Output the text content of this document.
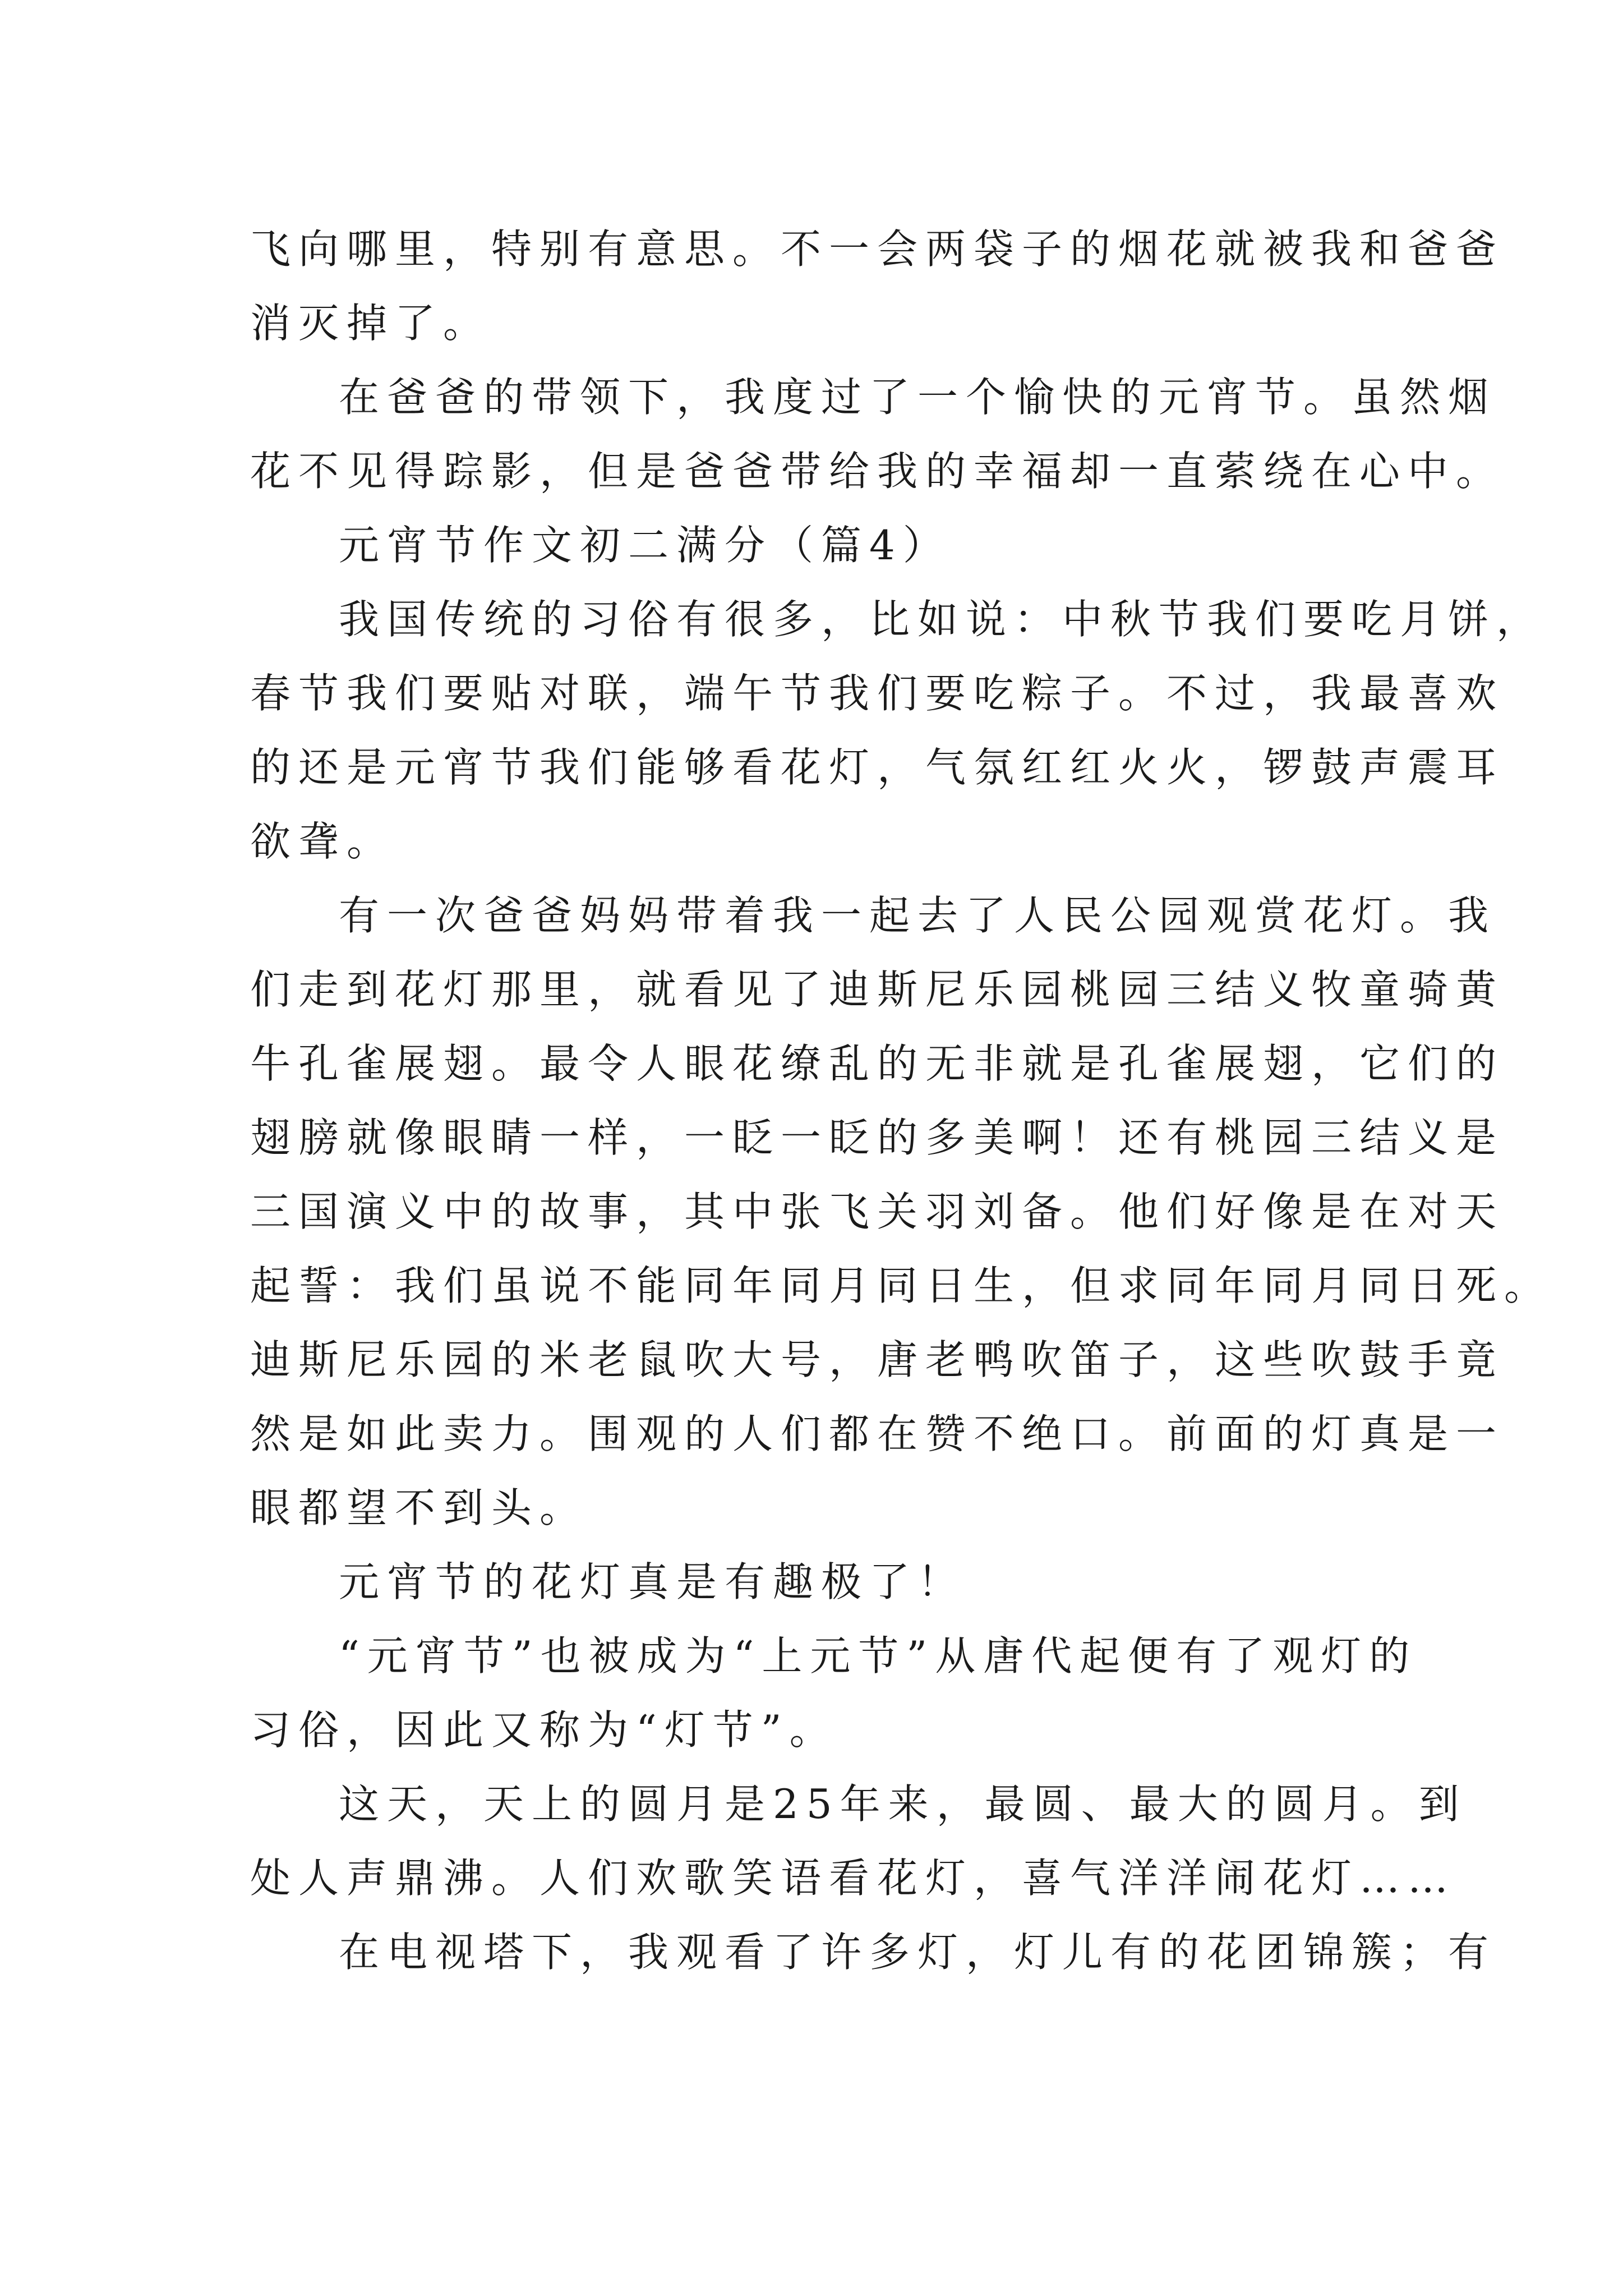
飞向哪里，特别有意思。不一会两袋子的烟花就被我和爸爸

消灭掉了。

在爸爸的带领下，我度过了一个愉快的元宵节。虽然烟

花不见得踪影，但是爸爸带给我的幸福却一直萦绕在心中。

元宵节作文初二满分（篇4）

我国传统的习俗有很多，比如说：中秋节我们要吃月饼，

春节我们要贴对联，端午节我们要吃粽子。不过，我最喜欢

的还是元宵节我们能够看花灯，气氛红红火火，锣鼓声震耳

欲聋。

有一次爸爸妈妈带着我一起去了人民公园观赏花灯。我

们走到花灯那里，就看见了迪斯尼乐园桃园三结义牧童骑黄

牛孔雀展翅。最令人眼花缭乱的无非就是孔雀展翅，它们的

翅膀就像眼睛一样，一眨一眨的多美啊！还有桃园三结义是

三国演义中的故事，其中张飞关羽刘备。他们好像是在对天

起誓：我们虽说不能同年同月同日生，但求同年同月同日死。

迪斯尼乐园的米老鼠吹大号，唐老鸭吹笛子，这些吹鼓手竟

然是如此卖力。围观的人们都在赞不绝口。前面的灯真是一

眼都望不到头。

元宵节的花灯真是有趣极了！

“元宵节”也被成为“上元节”从唐代起便有了观灯的

习俗，因此又称为“灯节”。

这天，天上的圆月是25年来，最圆、最大的圆月。到

处人声鼎沸。人们欢歌笑语看花灯，喜气洋洋闹花灯……

在电视塔下，我观看了许多灯，灯儿有的花团锦簇；有
